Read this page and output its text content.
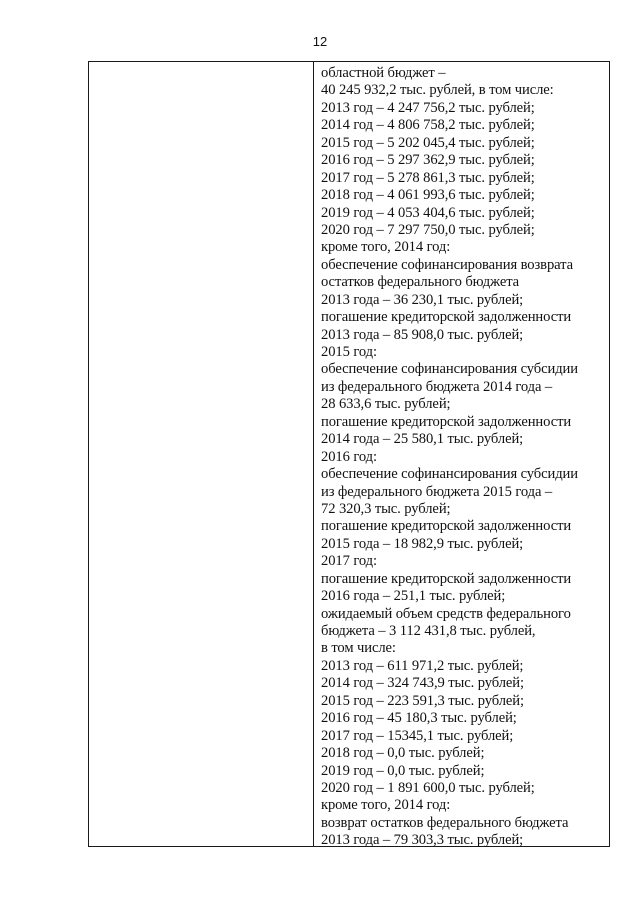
12
областной бюджет –
40 245 932,2 тыс. рублей, в том числе:
2013 год – 4 247 756,2 тыс. рублей;
2014 год – 4 806 758,2 тыс. рублей;
2015 год – 5 202 045,4 тыс. рублей;
2016 год – 5 297 362,9 тыс. рублей;
2017 год – 5 278 861,3 тыс. рублей;
2018 год – 4 061 993,6 тыс. рублей;
2019 год – 4 053 404,6 тыс. рублей;
2020 год – 7 297 750,0 тыс. рублей;
кроме того, 2014 год:
обеспечение софинансирования возврата
остатков федерального бюджета
2013 года – 36 230,1 тыс. рублей;
погашение кредиторской задолженности
2013 года – 85 908,0 тыс. рублей;
2015 год:
обеспечение софинансирования субсидии
из федерального бюджета 2014 года –
28 633,6 тыс. рублей;
погашение кредиторской задолженности
2014 года – 25 580,1 тыс. рублей;
2016 год:
обеспечение софинансирования субсидии
из федерального бюджета 2015 года –
72 320,3 тыс. рублей;
погашение кредиторской задолженности
2015 года – 18 982,9 тыс. рублей;
2017 год:
погашение кредиторской задолженности
2016 года – 251,1 тыс. рублей;
ожидаемый объем средств федерального
бюджета – 3 112 431,8 тыс. рублей,
в том числе:
2013 год – 611 971,2 тыс. рублей;
2014 год – 324 743,9 тыс. рублей;
2015 год – 223 591,3 тыс. рублей;
2016 год – 45 180,3 тыс. рублей;
2017 год – 15345,1 тыс. рублей;
2018 год – 0,0 тыс. рублей;
2019 год – 0,0 тыс. рублей;
2020 год – 1 891 600,0 тыс. рублей;
кроме того, 2014 год:
возврат остатков федерального бюджета
2013 года – 79 303,3 тыс. рублей;
